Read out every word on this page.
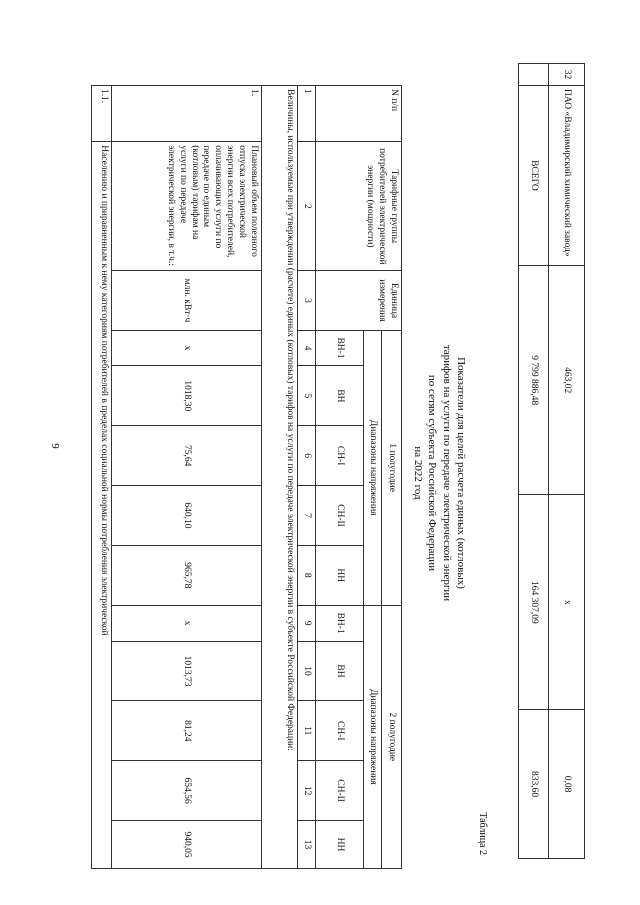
9
32	ПАО «Владимирский химический завод»	463,02	x	0,08
	ВСЕГО	9 799 886,48	164 307,09	833,60
Таблица 2
Показатели для целей расчета единых (котловых)
тарифов на услуги по передаче электрической энергии
по сетям субъекта Российской Федерации
на 2022 год
N п/п	Тарифные группы потребителей электрической энергии (мощности)	Единица измерения	1 полугодие					2 полугодие				
			Диапазоны напряжения					Диапазоны напряжения				
			ВН-1	ВН	СН-I	СН-II	НН	ВН-1	ВН	СН-I	СН-II	НН
1	2	3	4	5	6	7	8	9	10	11	12	13
Величины, используемые при утверждении (расчете) единых (котловых) тарифов на услуги по передаче электрической энергии в субъекте Российской Федерации:												
1.	Плановый объем полезного отпуска электрической энергии всех потребителей, оплачивающих услуги по передаче по единым (котловым) тарифам на услуги по передаче электрической энергии, в т.ч.:	млн. кВт·ч	x	1018,30	75,64	640,10	965,78	x	1013,73	81,24	654,56	940,05
1.1.	Населению и приравненным к нему категориям потребителей в пределах социальной нормы потребления электрической											
